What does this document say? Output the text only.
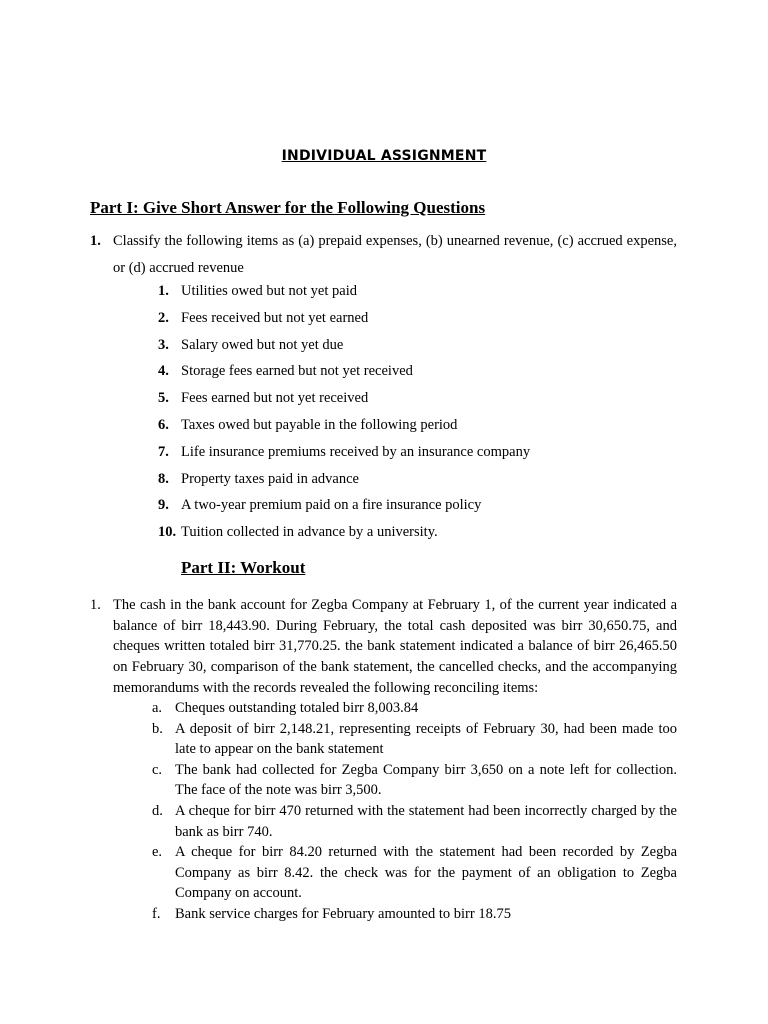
INDIVIDUAL ASSIGNMENT
Part I: Give Short Answer for the Following Questions
1. Classify the following items as (a) prepaid expenses, (b) unearned revenue, (c) accrued expense, or (d) accrued revenue
1. Utilities owed but not yet paid
2. Fees received but not yet earned
3. Salary owed but not yet due
4. Storage fees earned but not yet received
5. Fees earned but not yet received
6. Taxes owed but payable in the following period
7. Life insurance premiums received by an insurance company
8. Property taxes paid in advance
9. A two-year premium paid on a fire insurance policy
10. Tuition collected in advance by a university.
Part II: Workout
1. The cash in the bank account for Zegba Company at February 1, of the current year indicated a balance of birr 18,443.90. During February, the total cash deposited was birr 30,650.75, and cheques written totaled birr 31,770.25. the bank statement indicated a balance of birr 26,465.50 on February 30, comparison of the bank statement, the cancelled checks, and the accompanying memorandums with the records revealed the following reconciling items:
a. Cheques outstanding totaled birr 8,003.84
b. A deposit of birr 2,148.21, representing receipts of February 30, had been made too late to appear on the bank statement
c. The bank had collected for Zegba Company birr 3,650 on a note left for collection. The face of the note was birr 3,500.
d. A cheque for birr 470 returned with the statement had been incorrectly charged by the bank as birr 740.
e. A cheque for birr 84.20 returned with the statement had been recorded by Zegba Company as birr 8.42. the check was for the payment of an obligation to Zegba Company on account.
f. Bank service charges for February amounted to birr 18.75
